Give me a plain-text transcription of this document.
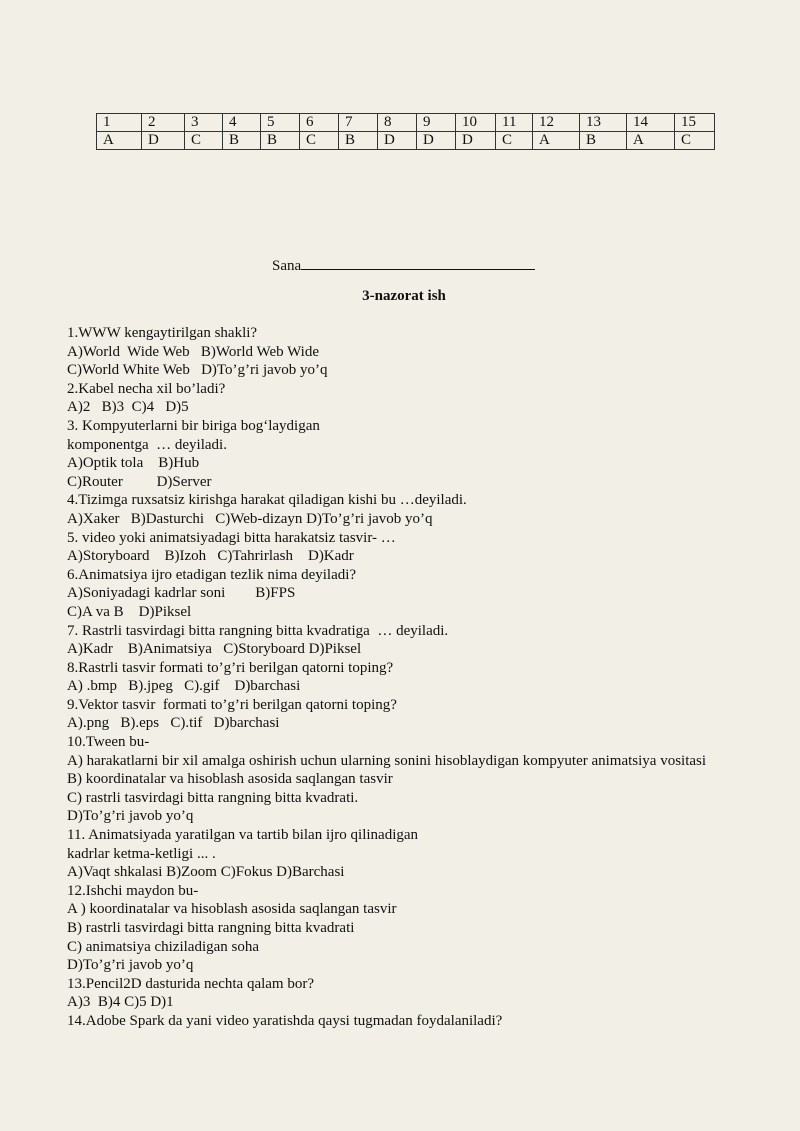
1	2	3	4	5	6	7	8	9	10	11	12	13	14	15
A	D	C	B	B	C	B	D	D	D	C	A	B	A	C
Sana
3-nazorat ish
1.WWW kengaytirilgan shakli?
A)World  Wide Web   B)World Web Wide
C)World White Web   D)To’g’ri javob yo’q
2.Kabel necha xil bo’ladi?
A)2   B)3  C)4   D)5
3. Kompyuterlarni bir biriga bog‘laydigan
komponentga  … deyiladi.
A)Optik tola    B)Hub
C)Router         D)Server
4.Tizimga ruxsatsiz kirishga harakat qiladigan kishi bu …deyiladi.
A)Xaker   B)Dasturchi   C)Web-dizayn D)To’g’ri javob yo’q
5. video yoki animatsiyadagi bitta harakatsiz tasvir- …
A)Storyboard    B)Izoh   C)Tahrirlash    D)Kadr
6.Animatsiya ijro etadigan tezlik nima deyiladi?
A)Soniyadagi kadrlar soni        B)FPS
C)A va B    D)Piksel
7. Rastrli tasvirdagi bitta rangning bitta kvadratiga  … deyiladi.
A)Kadr    B)Animatsiya   C)Storyboard D)Piksel
8.Rastrli tasvir formati to’g’ri berilgan qatorni toping?
A) .bmp   B).jpeg   C).gif    D)barchasi
9.Vektor tasvir  formati to’g’ri berilgan qatorni toping?
A).png   B).eps   C).tif   D)barchasi
10.Tween bu-
A) harakatlarni bir xil amalga oshirish uchun ularning sonini hisoblaydigan kompyuter animatsiya vositasi
B) koordinatalar va hisoblash asosida saqlangan tasvir
C) rastrli tasvirdagi bitta rangning bitta kvadrati.
D)To’g’ri javob yo’q
11. Animatsiyada yaratilgan va tartib bilan ijro qilinadigan
kadrlar ketma-ketligi ... .
A)Vaqt shkalasi B)Zoom C)Fokus D)Barchasi
12.Ishchi maydon bu-
A ) koordinatalar va hisoblash asosida saqlangan tasvir
B) rastrli tasvirdagi bitta rangning bitta kvadrati
C) animatsiya chiziladigan soha
D)To’g’ri javob yo’q
13.Pencil2D dasturida nechta qalam bor?
A)3  B)4 C)5 D)1
14.Adobe Spark da yani video yaratishda qaysi tugmadan foydalaniladi?
